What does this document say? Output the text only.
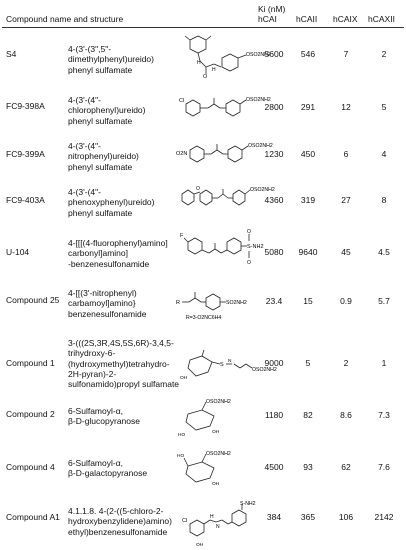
Compound name and structure
Ki (nM)
hCAI hCAII hCAIX hCAXII
S4	4-(3'-(3",5"-
dimethylphenyl)ureido)
phenyl sulfamate
O
H
H
OSO2NH2
5600	546	7	2
FC9-398A
4-(3'-(4"-
chlorophenyl)ureido)
phenyl sulfamate
Cl	OSO2NH2
2800	291	12	5
FC9-399A
4-(3'-(4"-
nitrophenyl)ureido)
phenyl sulfamate
O2N
OSO2NH2
1230	450	6	4
FC9-403A
4-(3'-(4"-
phenoxyphenyl)ureido)
phenyl sulfamate
O	OSO2NH2
4360	319	27	8
U-104
4-[[[(4-fluorophenyl)amino]
carbonyl]amino]
-benzenesulfonamide
F
S-NH2
O
O
5080	9640	45	4.5
Compound 25
4-[[(3'-nitrophenyl)
carbamoyl]amino}
benzenesulfonamide
R	SO2NH2
R=3-O2NC6H4
23.4	15	0.9	5.7
Compound 1
3-(((2S,3R,4S,5S,6R)-3,4,5-
trihydroxy-6-
(hydroxymethyl)tetrahydro-
2H-pyran)-2-
sulfonamido)propyl sulfamate
S
N
OH
OSO2NH2
9000	5	2	1
Compound 2 6-Sulfamoyl-α,
β-D-glucopyranose
OSO2NH2
HO
OH
1180	82	8.6	7.3
Compound 4 6-Sulfamoyl-α,
β-D-galactopyranose
OSO2NH2
HO
OH
4500	93	62	7.6
Compound A1
4.1.1.8. 4-(2-((5-chloro-2-
hydroxybenzylidene)amino)
ethyl)benzenesulfonamide
Cl
H
N
OH
S-NH2
384	365	106	2142
